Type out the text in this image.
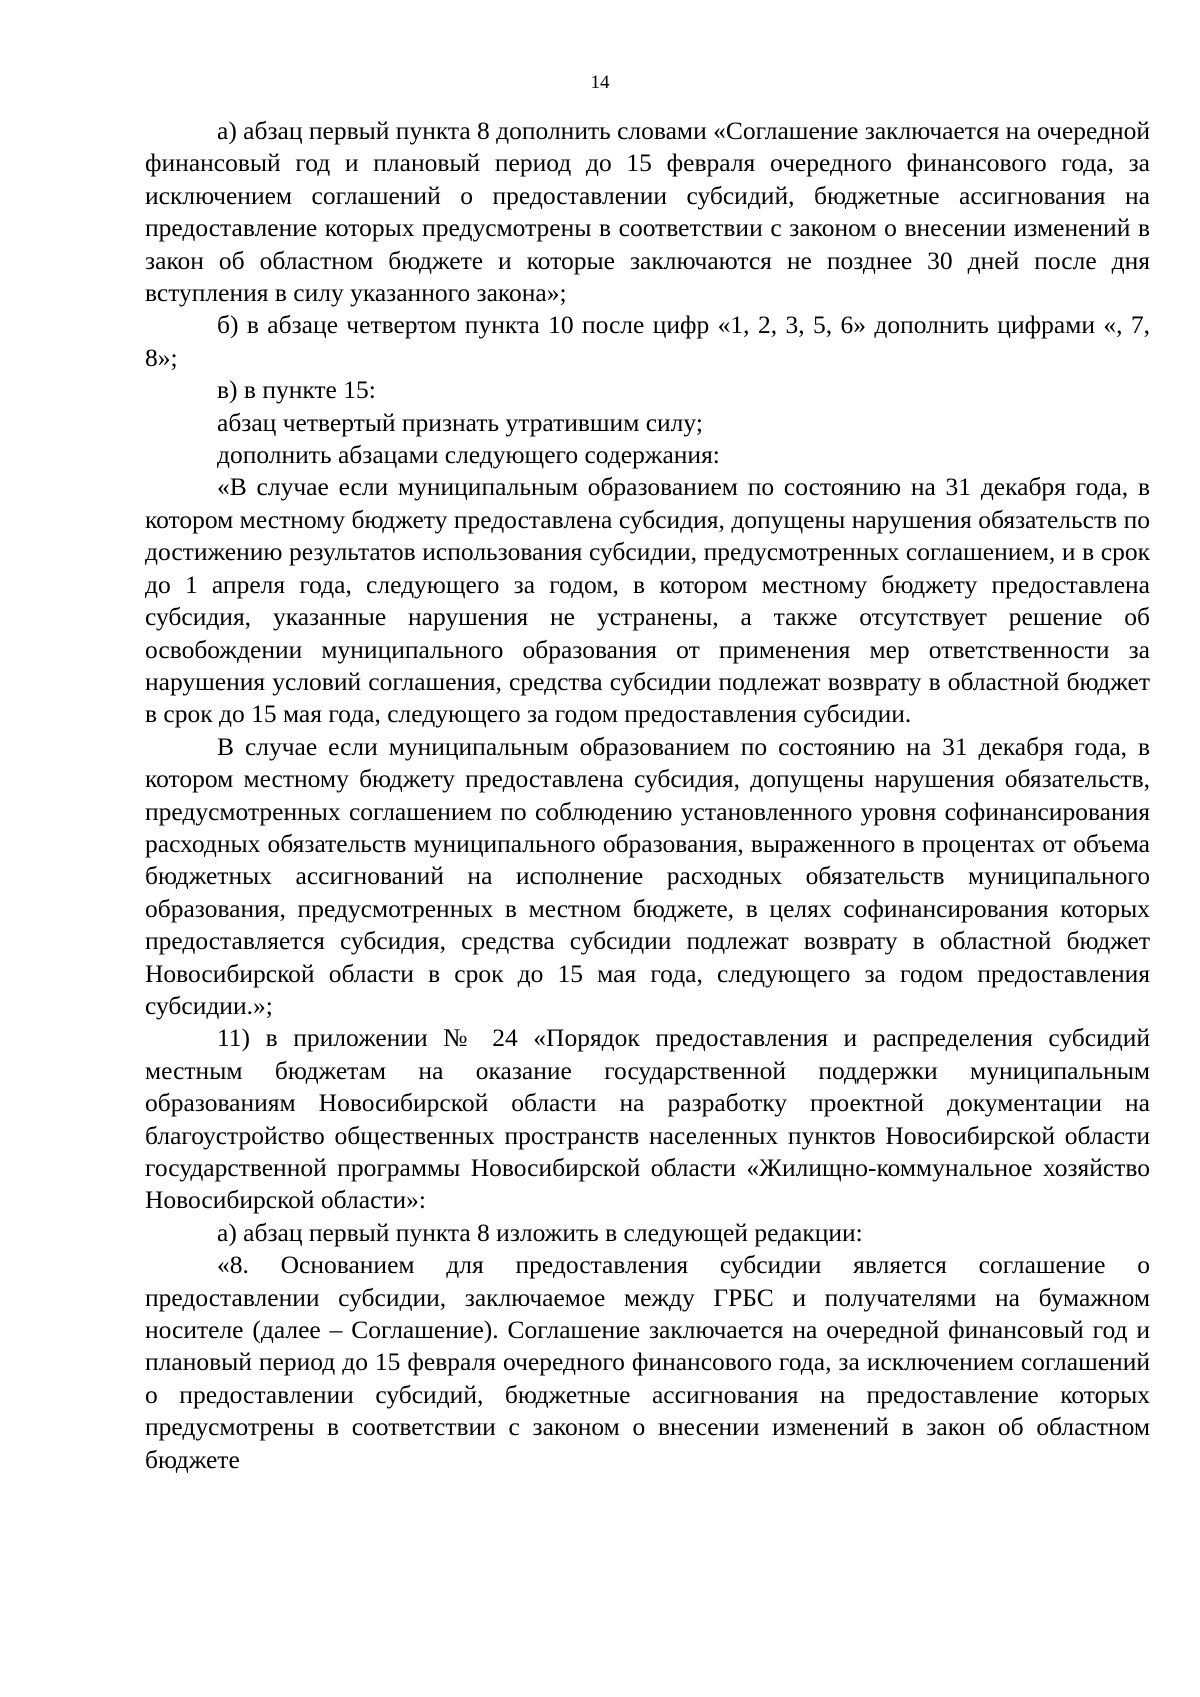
14

а) абзац первый пункта 8 дополнить словами «Соглашение заключается на очередной финансовый год и плановый период до 15 февраля очередного финансового года, за исключением соглашений о предоставлении субсидий, бюджетные ассигнования на предоставление которых предусмотрены в соответствии с законом о внесении изменений в закон об областном бюджете и которые заключаются не позднее 30 дней после дня вступления в силу указанного закона»;

б) в абзаце четвертом пункта 10 после цифр «1, 2, 3, 5, 6» дополнить цифрами «, 7, 8»;

в) в пункте 15:

абзац четвертый признать утратившим силу;

дополнить абзацами следующего содержания:

«В случае если муниципальным образованием по состоянию на 31 декабря года, в котором местному бюджету предоставлена субсидия, допущены нарушения обязательств по достижению результатов использования субсидии, предусмотренных соглашением, и в срок до 1 апреля года, следующего за годом, в котором местному бюджету предоставлена субсидия, указанные нарушения не устранены, а также отсутствует решение об освобождении муниципального образования от применения мер ответственности за нарушения условий соглашения, средства субсидии подлежат возврату в областной бюджет в срок до 15 мая года, следующего за годом предоставления субсидии.

В случае если муниципальным образованием по состоянию на 31 декабря года, в котором местному бюджету предоставлена субсидия, допущены нарушения обязательств, предусмотренных соглашением по соблюдению установленного уровня софинансирования расходных обязательств муниципального образования, выраженного в процентах от объема бюджетных ассигнований на исполнение расходных обязательств муниципального образования, предусмотренных в местном бюджете, в целях софинансирования которых предоставляется субсидия, средства субсидии подлежат возврату в областной бюджет Новосибирской области в срок до 15 мая года, следующего за годом предоставления субсидии.»;

11) в приложении № 24 «Порядок предоставления и распределения субсидий местным бюджетам на оказание государственной поддержки муниципальным образованиям Новосибирской области на разработку проектной документации на благоустройство общественных пространств населенных пунктов Новосибирской области государственной программы Новосибирской области «Жилищно-коммунальное хозяйство Новосибирской области»:

а) абзац первый пункта 8 изложить в следующей редакции:

«8. Основанием для предоставления субсидии является соглашение о предоставлении субсидии, заключаемое между ГРБС и получателями на бумажном носителе (далее – Соглашение). Соглашение заключается на очередной финансовый год и плановый период до 15 февраля очередного финансового года, за исключением соглашений о предоставлении субсидий, бюджетные ассигнования на предоставление которых предусмотрены в соответствии с законом о внесении изменений в закон об областном бюджете
